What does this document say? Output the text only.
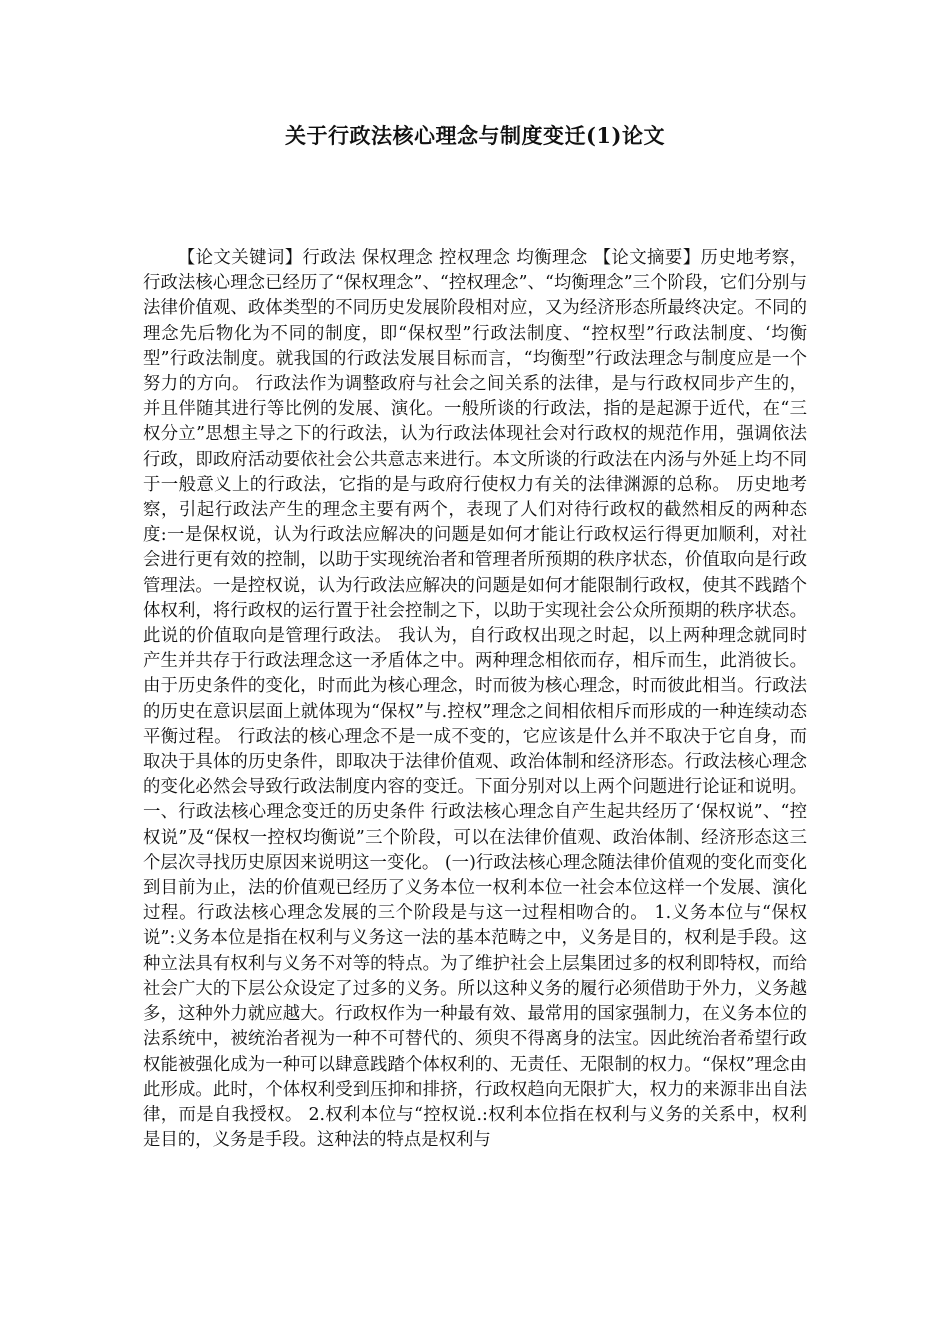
关于行政法核心理念与制度变迁(1)论文

【论文关键词】行政法 保权理念 控权理念 均衡理念 【论文摘要】历史地考察，行政法核心理念已经历了“保权理念”、“控权理念”、“均衡理念”三个阶段，它们分别与法律价值观、政体类型的不同历史发展阶段相对应，又为经济形态所最终决定。不同的理念先后物化为不同的制度，即“保权型”行政法制度、“控权型”行政法制度、‘均衡型”行政法制度。就我国的行政法发展目标而言，“均衡型”行政法理念与制度应是一个努力的方向。 行政法作为调整政府与社会之间关系的法律，是与行政权同步产生的，并且伴随其进行等比例的发展、演化。一般所谈的行政法，指的是起源于近代，在“三权分立”思想主导之下的行政法，认为行政法体现社会对行政权的规范作用，强调依法行政，即政府活动要依社会公共意志来进行。本文所谈的行政法在内汤与外延上均不同于一般意义上的行政法，它指的是与政府行使权力有关的法律渊源的总称。 历史地考察，引起行政法产生的理念主要有两个，表现了人们对待行政权的截然相反的两种态度:一是保权说，认为行政法应解决的问题是如何才能让行政权运行得更加顺利，对社会进行更有效的控制，以助于实现统治者和管理者所预期的秩序状态，价值取向是行政管理法。一是控权说，认为行政法应解决的问题是如何才能限制行政权，使其不践踏个体权利，将行政权的运行置于社会控制之下，以助于实现社会公众所预期的秩序状态。此说的价值取向是管理行政法。 我认为，自行政权出现之时起，以上两种理念就同时产生并共存于行政法理念这一矛盾体之中。两种理念相依而存，相斥而生，此消彼长。由于历史条件的变化，时而此为核心理念，时而彼为核心理念，时而彼此相当。行政法的历史在意识层面上就体现为“保权”与.控权”理念之间相依相斥而形成的一种连续动态平衡过程。 行政法的核心理念不是一成不变的，它应该是什么并不取决于它自身，而取决于具体的历史条件，即取决于法律价值观、政治体制和经济形态。行政法核心理念的变化必然会导致行政法制度内容的变迁。下面分别对以上两个问题进行论证和说明。 一、行政法核心理念变迁的历史条件 行政法核心理念自产生起共经历了‘保权说”、“控权说”及“保权一控权均衡说”三个阶段，可以在法律价值观、政治体制、经济形态这三个层次寻找历史原因来说明这一变化。 (一)行政法核心理念随法律价值观的变化而变化 到目前为止，法的价值观已经历了义务本位一权利本位一社会本位这样一个发展、演化过程。行政法核心理念发展的三个阶段是与这一过程相吻合的。 1.义务本位与“保权说”:义务本位是指在权利与义务这一法的基本范畴之中，义务是目的，权利是手段。这种立法具有权利与义务不对等的特点。为了维护社会上层集团过多的权利即特权，而给社会广大的下层公众设定了过多的义务。所以这种义务的履行必须借助于外力，义务越多，这种外力就应越大。行政权作为一种最有效、最常用的国家强制力，在义务本位的法系统中，被统治者视为一种不可替代的、须臾不得离身的法宝。因此统治者希望行政权能被强化成为一种可以肆意践踏个体权利的、无责任、无限制的权力。“保权”理念由此形成。此时，个体权利受到压抑和排挤，行政权趋向无限扩大，权力的来源非出自法律，而是自我授权。 2.权利本位与“控权说.:权利本位指在权利与义务的关系中，权利是目的，义务是手段。这种法的特点是权利与
